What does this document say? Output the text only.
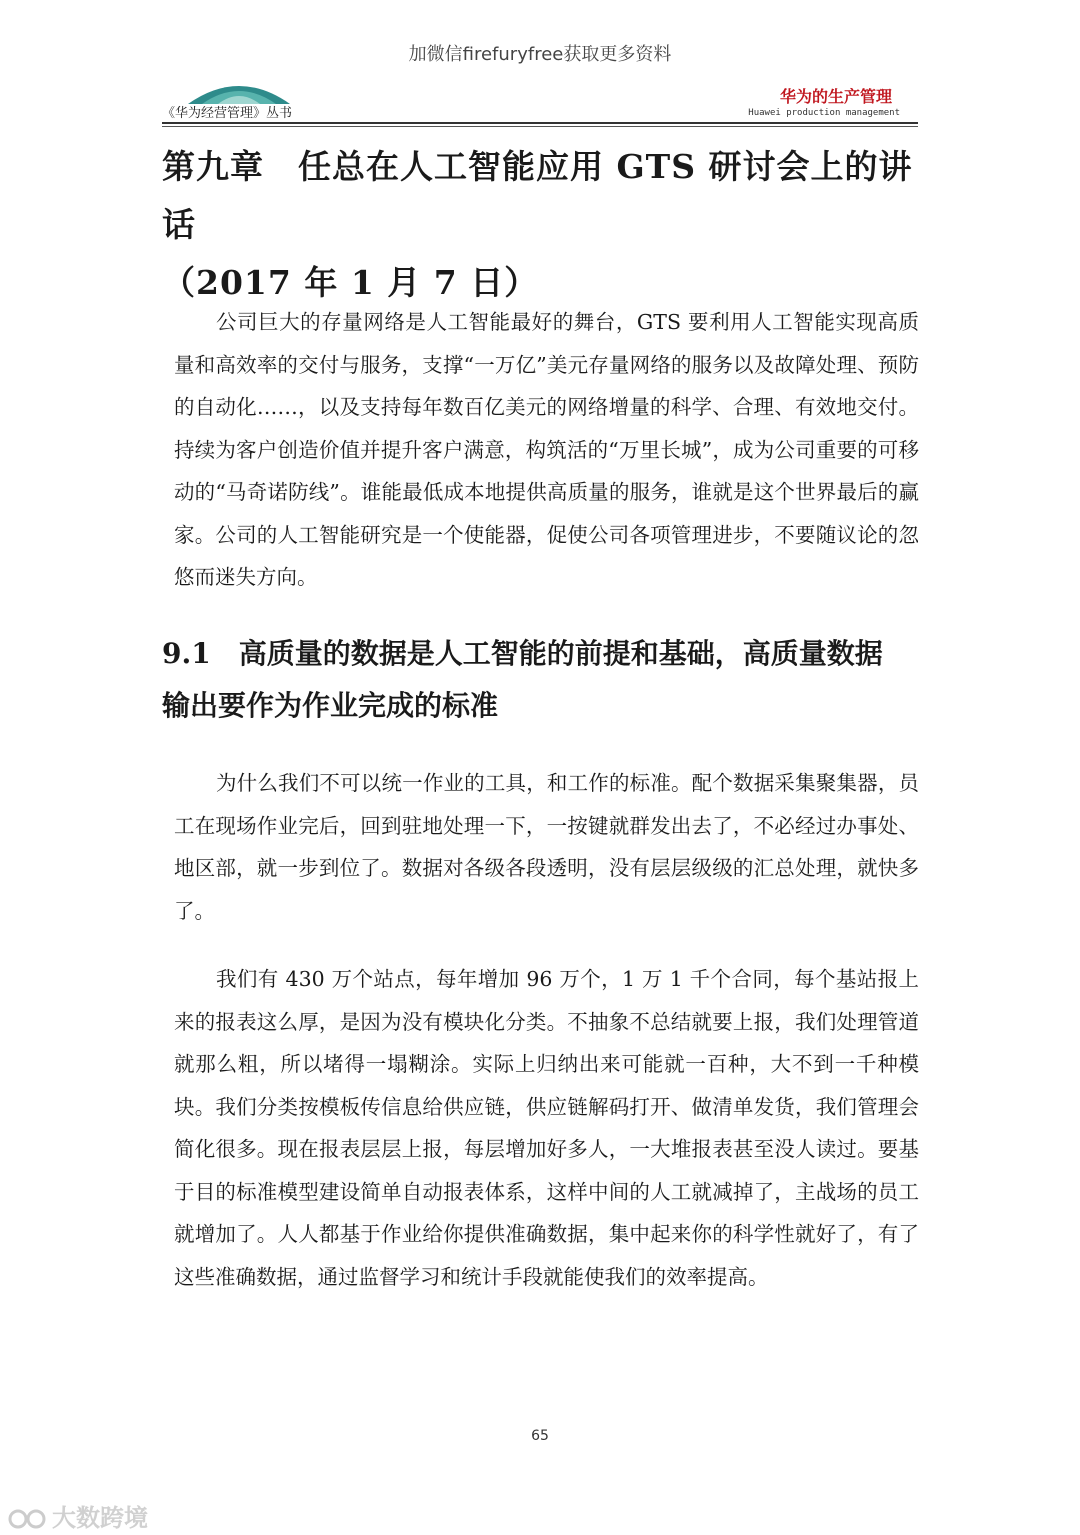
加微信firefuryfree获取更多资料
《华为经营管理》丛书
华为的生产管理
Huawei production management
第九章　任总在人工智能应用 GTS 研讨会上的讲话
（2017 年 1 月 7 日）

公司巨大的存量网络是人工智能最好的舞台，GTS 要利用人工智能实现高质量和高效率的交付与服务，支撑“一万亿”美元存量网络的服务以及故障处理、预防的自动化……，以及支持每年数百亿美元的网络增量的科学、合理、有效地交付。持续为客户创造价值并提升客户满意，构筑活的“万里长城”，成为公司重要的可移动的“马奇诺防线”。谁能最低成本地提供高质量的服务，谁就是这个世界最后的赢家。公司的人工智能研究是一个使能器，促使公司各项管理进步，不要随议论的忽悠而迷失方向。

9.1　高质量的数据是人工智能的前提和基础，高质量数据
输出要作为作业完成的标准

为什么我们不可以统一作业的工具，和工作的标准。配个数据采集聚集器，员工在现场作业完后，回到驻地处理一下，一按键就群发出去了，不必经过办事处、地区部，就一步到位了。数据对各级各段透明，没有层层级级的汇总处理，就快多了。

我们有 430 万个站点，每年增加 96 万个，1 万 1 千个合同，每个基站报上来的报表这么厚，是因为没有模块化分类。不抽象不总结就要上报，我们处理管道就那么粗，所以堵得一塌糊涂。实际上归纳出来可能就一百种，大不到一千种模块。我们分类按模板传信息给供应链，供应链解码打开、做清单发货，我们管理会简化很多。现在报表层层上报，每层增加好多人，一大堆报表甚至没人读过。要基于目的标准模型建设简单自动报表体系，这样中间的人工就减掉了，主战场的员工就增加了。人人都基于作业给你提供准确数据，集中起来你的科学性就好了，有了这些准确数据，通过监督学习和统计手段就能使我们的效率提高。

65
大数跨境
